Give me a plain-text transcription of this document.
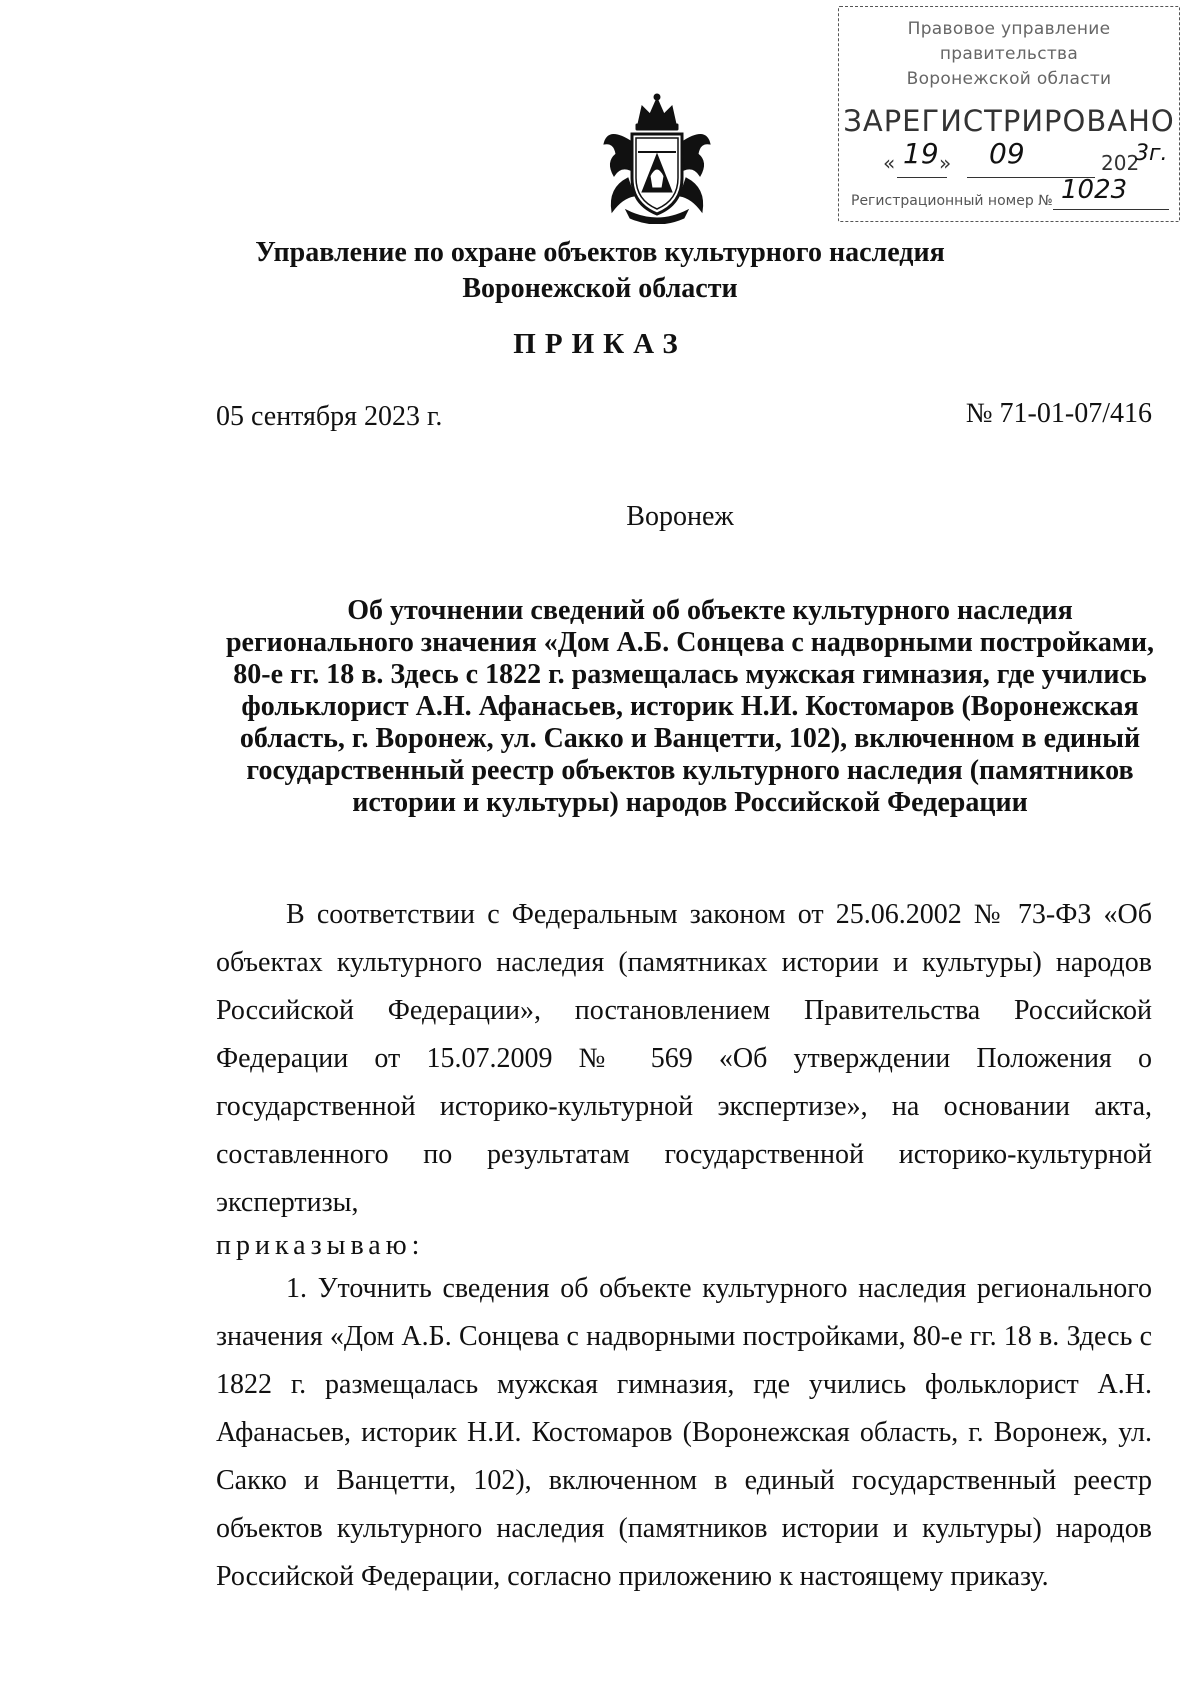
Правовое управление правительства
Воронежской области
ЗАРЕГИСТРИРОВАНО
« 19 » 09	202
3г.
Регистрационный номер № 1023
Управление по охране объектов культурного наследия
Воронежской области
ПРИКАЗ
05 сентября 2023 г.	№ 71-01-07/416
Воронеж
Об уточнении сведений об объекте культурного наследия
регионального значения «Дом А.Б. Сонцева с надворными постройками,
80-е гг. 18 в. Здесь с 1822 г. размещалась мужская гимназия, где учились
фольклорист А.Н. Афанасьев, историк Н.И. Костомаров (Воронежская
область, г. Воронеж, ул. Сакко и Ванцетти, 102), включенном в единый
государственный реестр объектов культурного наследия (памятников
истории и культуры) народов Российской Федерации

В соответствии с Федеральным законом от 25.06.2002 № 73-ФЗ «Об объектах культурного наследия (памятниках истории и культуры) народов Российской Федерации», постановлением Правительства Российской Федерации от 15.07.2009 № 569 «Об утверждении Положения о государственной историко-культурной экспертизе», на основании акта, составленного по результатам государственной историко-культурной экспертизы,

приказываю:

1. Уточнить сведения об объекте культурного наследия регионального значения «Дом А.Б. Сонцева с надворными постройками, 80-е гг. 18 в. Здесь с 1822 г. размещалась мужская гимназия, где учились фольклорист А.Н. Афанасьев, историк Н.И. Костомаров (Воронежская область, г. Воронеж, ул. Сакко и Ванцетти, 102), включенном в единый государственный реестр объектов культурного наследия (памятников истории и культуры) народов Российской Федерации, согласно приложению к настоящему приказу.
